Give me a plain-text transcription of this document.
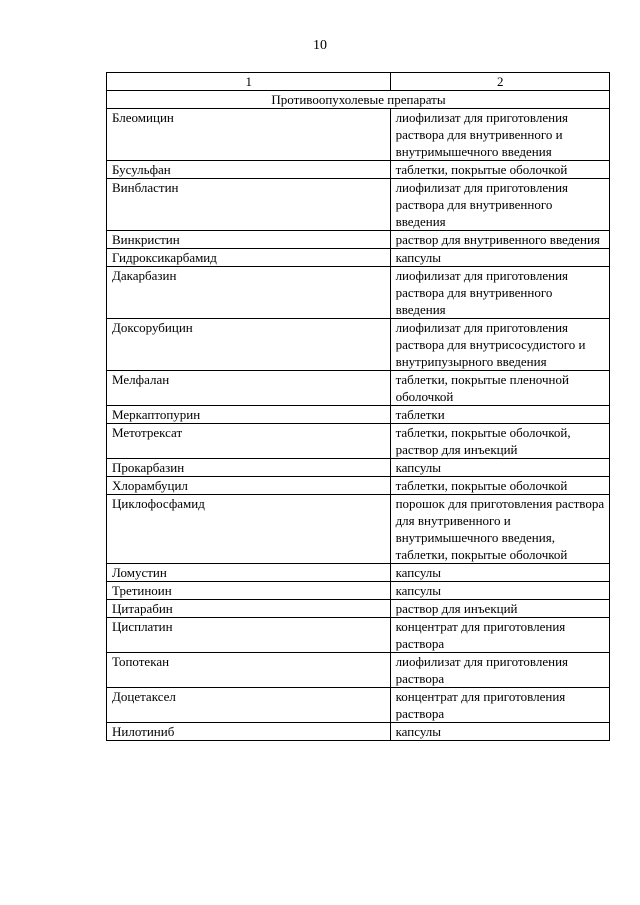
10
1	2
Противоопухолевые препараты	
Блеомицин	лиофилизат для приготовления раствора для внутривенного и внутримышечного введения
Бусульфан	таблетки, покрытые оболочкой
Винбластин	лиофилизат для приготовления раствора для внутривенного введения
Винкристин	раствор для внутривенного введения
Гидроксикарбамид	капсулы
Дакарбазин	лиофилизат для приготовления раствора для внутривенного введения
Доксорубицин	лиофилизат для приготовления раствора для внутрисосудистого и внутрипузырного введения
Мелфалан	таблетки, покрытые пленочной оболочкой
Меркаптопурин	таблетки
Метотрексат	таблетки, покрытые оболочкой, раствор для инъекций
Прокарбазин	капсулы
Хлорамбуцил	таблетки, покрытые оболочкой
Циклофосфамид	порошок для приготовления раствора для внутривенного и внутримышечного введения, таблетки, покрытые оболочкой
Ломустин	капсулы
Третиноин	капсулы
Цитарабин	раствор для инъекций
Цисплатин	концентрат для приготовления раствора
Топотекан	лиофилизат для приготовления раствора
Доцетаксел	концентрат для приготовления раствора
Нилотиниб	капсулы
